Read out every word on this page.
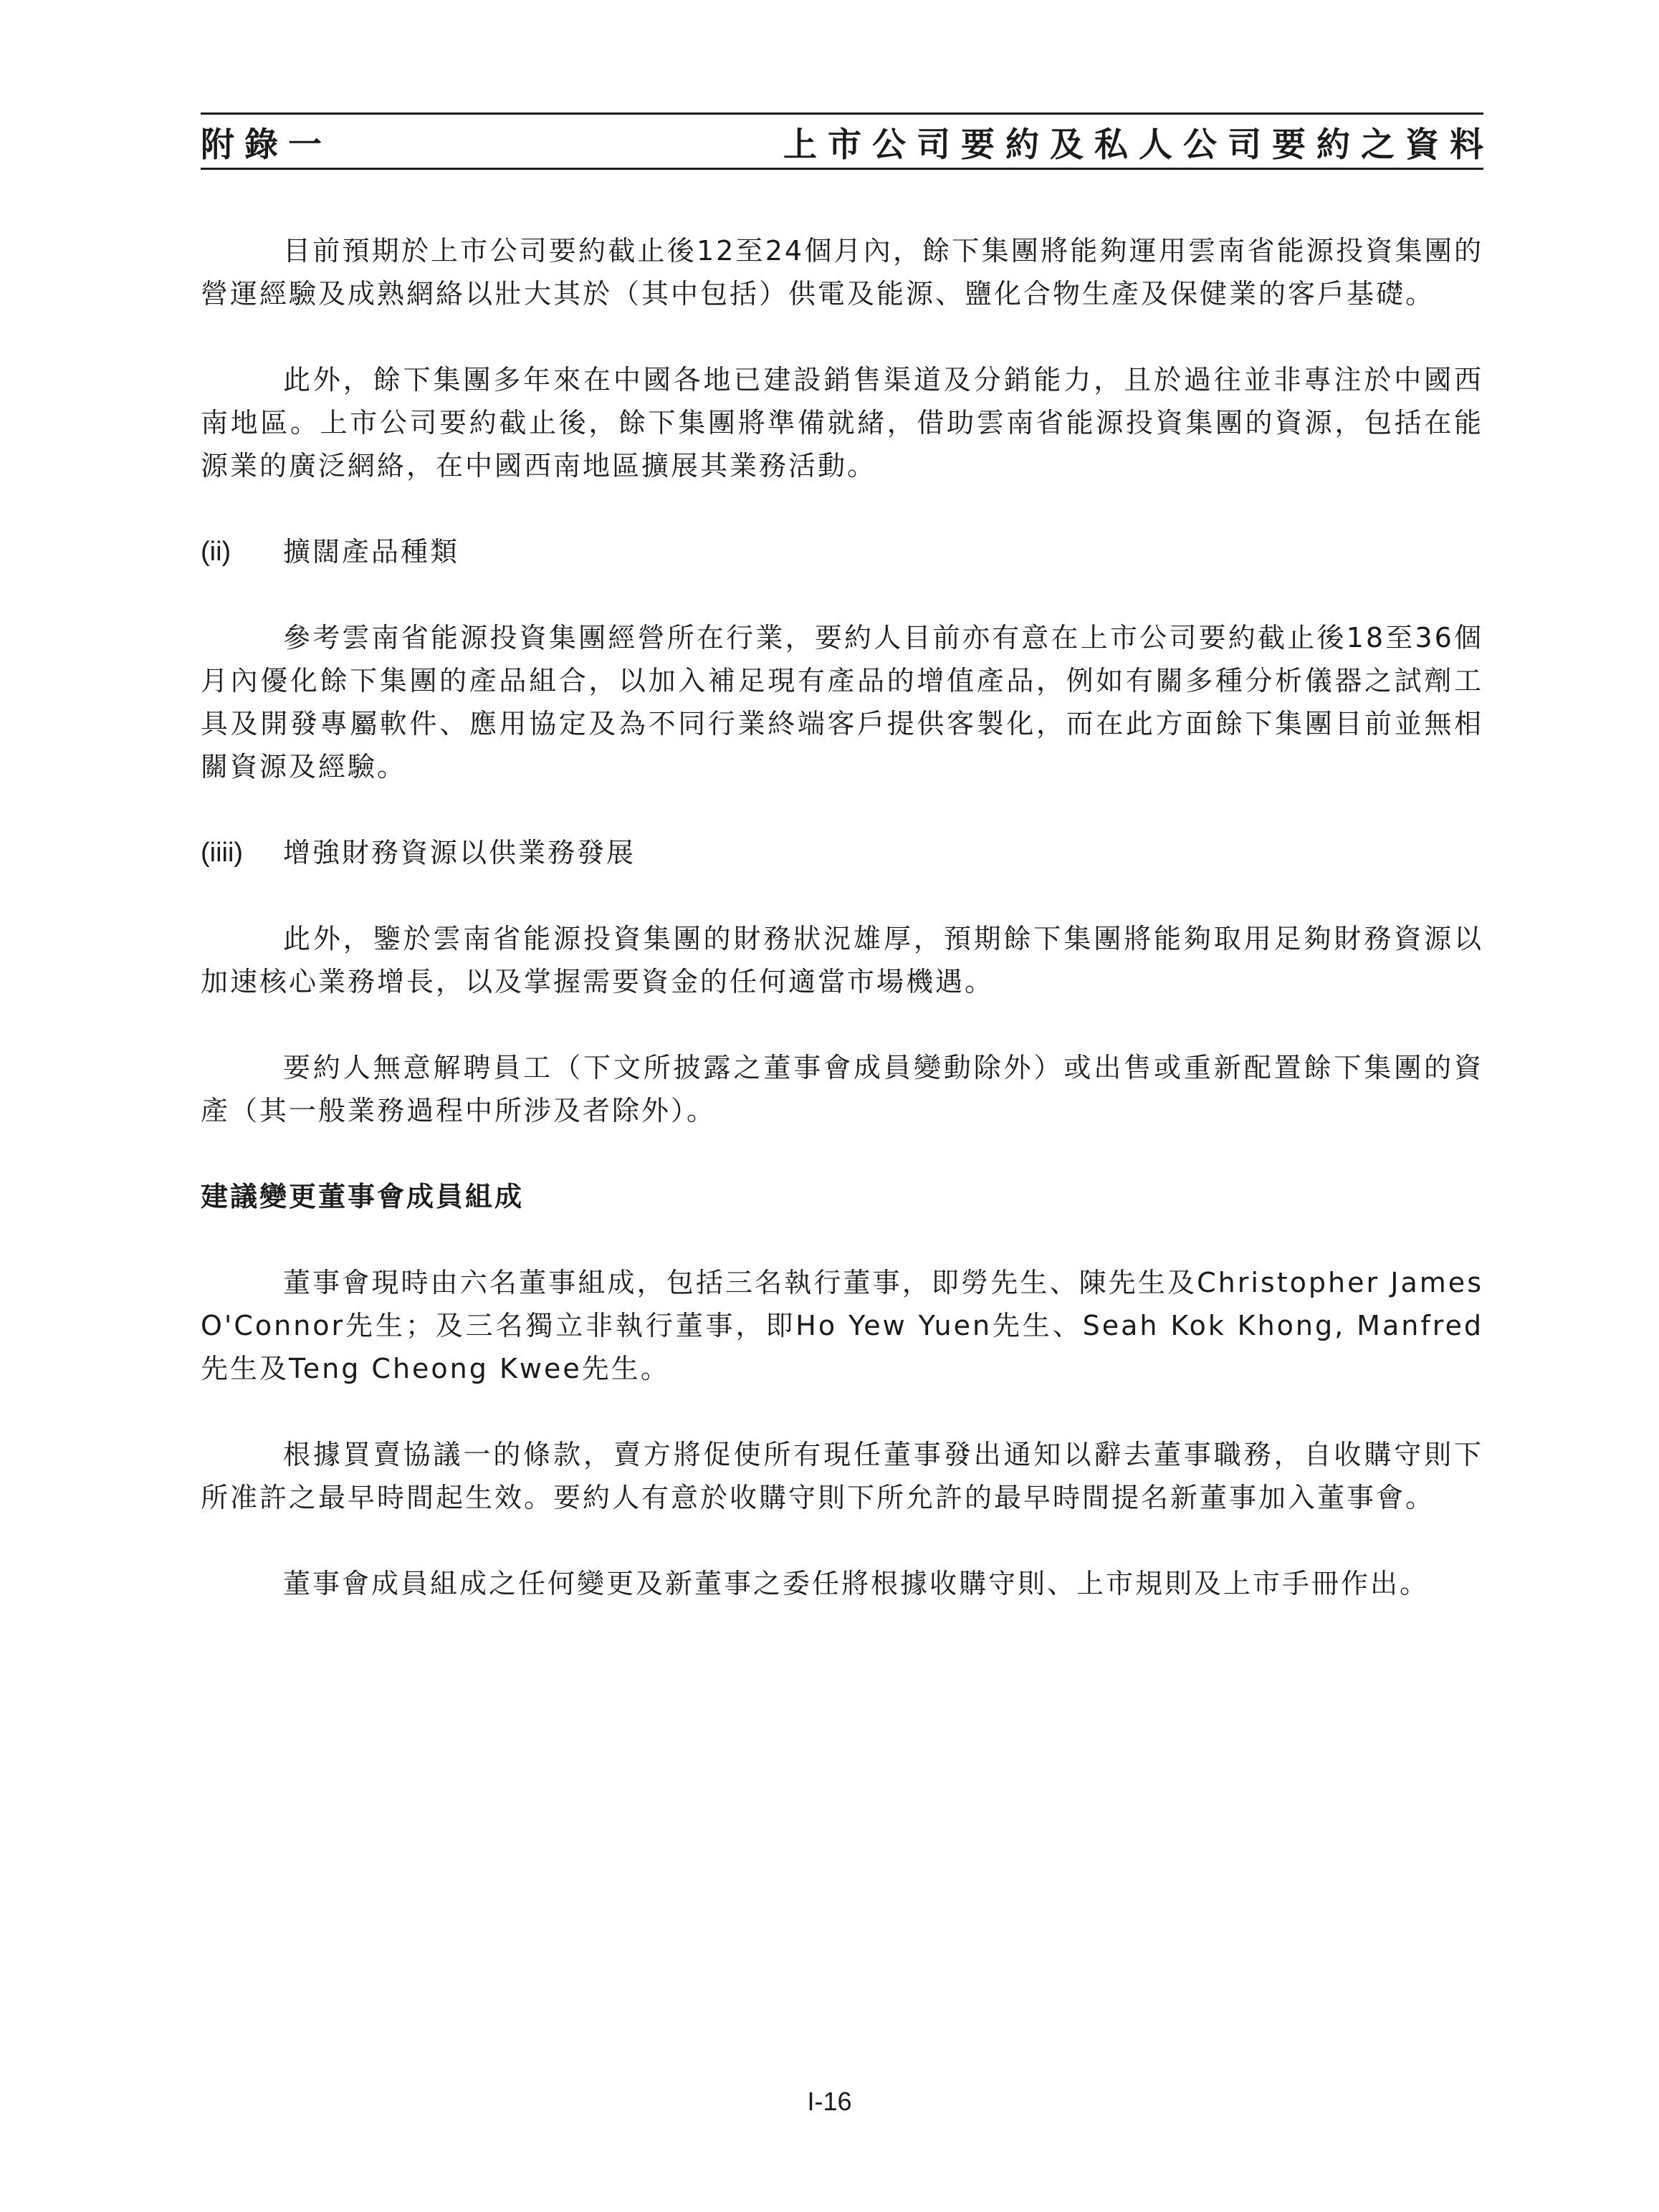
附錄一	上市公司要約及私人公司要約之資料

目前預期於上市公司要約截止後12至24個月內，餘下集團將能夠運用雲南省能源投資集團的營運經驗及成熟網絡以壯大其於（其中包括）供電及能源、鹽化合物生產及保健業的客戶基礎。

此外，餘下集團多年來在中國各地已建設銷售渠道及分銷能力，且於過往並非專注於中國西南地區。上市公司要約截止後，餘下集團將準備就緒，借助雲南省能源投資集團的資源，包括在能源業的廣泛網絡，在中國西南地區擴展其業務活動。

(ii)	擴闊產品種類

參考雲南省能源投資集團經營所在行業，要約人目前亦有意在上市公司要約截止後18至36個月內優化餘下集團的產品組合，以加入補足現有產品的增值產品，例如有關多種分析儀器之試劑工具及開發專屬軟件、應用協定及為不同行業終端客戶提供客製化，而在此方面餘下集團目前並無相關資源及經驗。

(iiii)	增強財務資源以供業務發展

此外，鑒於雲南省能源投資集團的財務狀況雄厚，預期餘下集團將能夠取用足夠財務資源以加速核心業務增長，以及掌握需要資金的任何適當市場機遇。

要約人無意解聘員工（下文所披露之董事會成員變動除外）或出售或重新配置餘下集團的資產（其一般業務過程中所涉及者除外）。

建議變更董事會成員組成

董事會現時由六名董事組成，包括三名執行董事，即勞先生、陳先生及Christopher James O'Connor先生；及三名獨立非執行董事，即Ho Yew Yuen先生、Seah Kok Khong, Manfred先生及Teng Cheong Kwee先生。

根據買賣協議一的條款，賣方將促使所有現任董事發出通知以辭去董事職務，自收購守則下所准許之最早時間起生效。要約人有意於收購守則下所允許的最早時間提名新董事加入董事會。

董事會成員組成之任何變更及新董事之委任將根據收購守則、上市規則及上市手冊作出。

I-16
